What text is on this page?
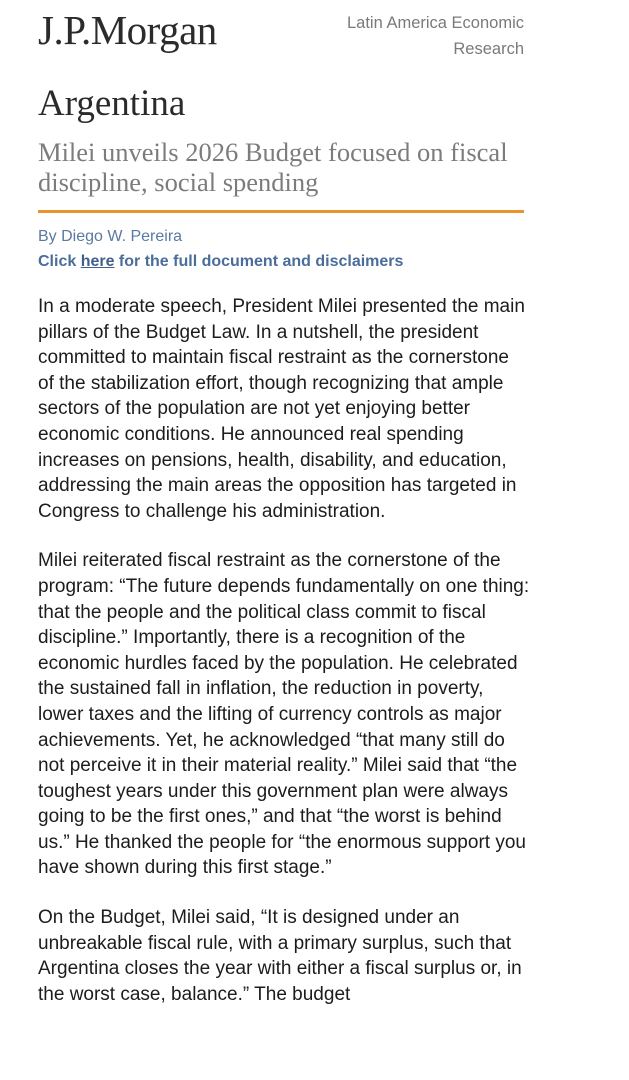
J.P.Morgan	Latin America Economic
Research
Argentina
Milei unveils 2026 Budget focused on fiscal discipline, social spending
By Diego W. Pereira
Click here for the full document and disclaimers

In a moderate speech, President Milei presented the main pillars of the Budget Law. In a nutshell, the president committed to maintain fiscal restraint as the cornerstone of the stabilization effort, though recognizing that ample sectors of the population are not yet enjoying better economic conditions. He announced real spending increases on pensions, health, disability, and education, addressing the main areas the opposition has targeted in Congress to challenge his administration.

Milei reiterated fiscal restraint as the cornerstone of the program: “The future depends fundamentally on one thing: that the people and the political class commit to fiscal discipline.” Importantly, there is a recognition of the economic hurdles faced by the population. He celebrated the sustained fall in inflation, the reduction in poverty, lower taxes and the lifting of currency controls as major achievements. Yet, he acknowledged “that many still do not perceive it in their material reality.” Milei said that “the toughest years under this government plan were always going to be the first ones,” and that “the worst is behind us.” He thanked the people for “the enormous support you have shown during this first stage.”

On the Budget, Milei said, “It is designed under an unbreakable fiscal rule, with a primary surplus, such that Argentina closes the year with either a fiscal surplus or, in the worst case, balance.” The budget
